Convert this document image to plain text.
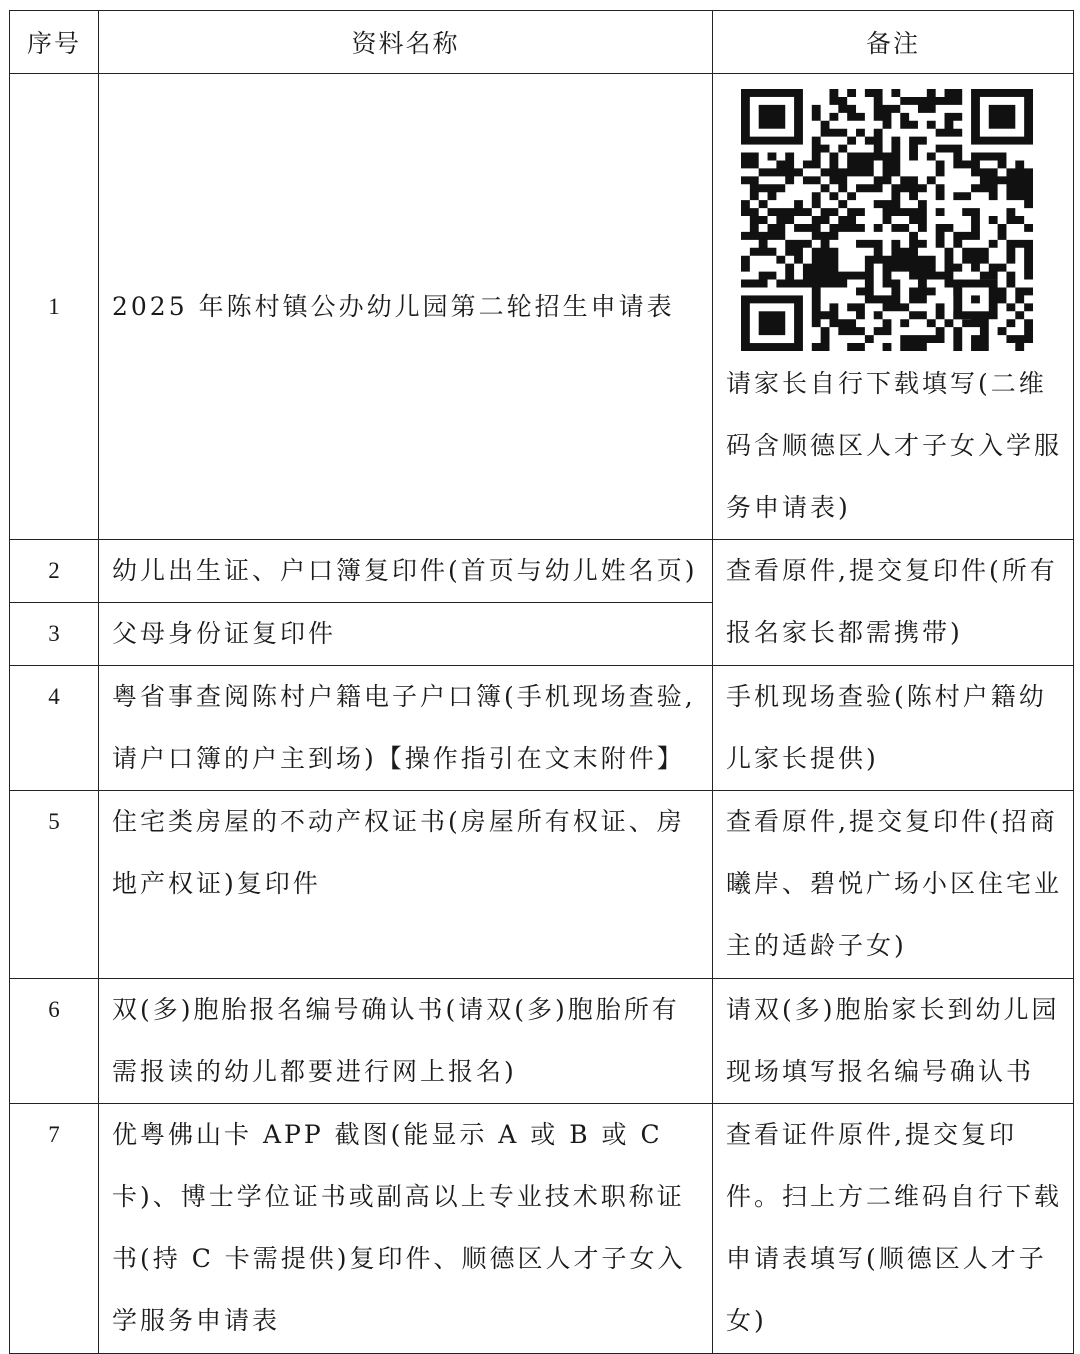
序号	资料名称	备注
1	2025 年陈村镇公办幼儿园第二轮招生申请表	请家长自行下载填写(二维码含顺德区人才子女入学服务申请表)

2	幼儿出生证、户口簿复印件(首页与幼儿姓名页)	查看原件,提交复印件(所有报名家长都需携带)

3	父母身份证复印件	

4	粤省事查阅陈村户籍电子户口簿(手机现场查验,请户口簿的户主到场)【操作指引在文末附件】	手机现场查验(陈村户籍幼儿家长提供)

5	住宅类房屋的不动产权证书(房屋所有权证、房地产权证)复印件	查看原件,提交复印件(招商曦岸、碧悦广场小区住宅业主的适龄子女)

6	双(多)胞胎报名编号确认书(请双(多)胞胎所有需报读的幼儿都要进行网上报名)	请双(多)胞胎家长到幼儿园现场填写报名编号确认书

7	优粤佛山卡 APP 截图(能显示 A 或 B 或 C 卡)、博士学位证书或副高以上专业技术职称证书(持 C 卡需提供)复印件、顺德区人才子女入学服务申请表	查看证件原件,提交复印件。扫上方二维码自行下载申请表填写(顺德区人才子女)
